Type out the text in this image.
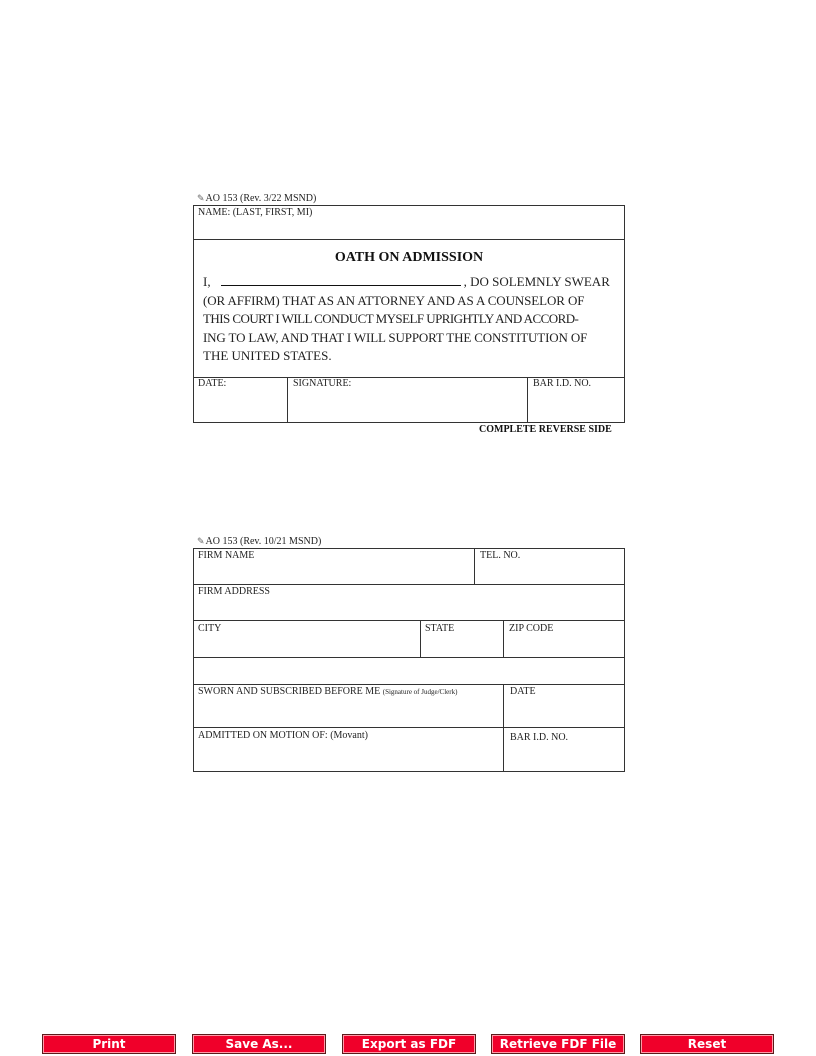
✎AO 153 (Rev. 3/22 MSND)
NAME: (LAST, FIRST, MI)
OATH ON ADMISSION
I,	, DO SOLEMNLY SWEAR
(OR AFFIRM) THAT AS AN ATTORNEY AND AS A COUNSELOR OF
THIS COURT I WILL CONDUCT MYSELF UPRIGHTLY AND ACCORD-
ING TO LAW, AND THAT I WILL SUPPORT THE CONSTITUTION OF
THE UNITED STATES.
DATE:	SIGNATURE:	BAR I.D. NO.
COMPLETE REVERSE SIDE
✎AO 153 (Rev. 10/21 MSND)
FIRM NAME	TEL. NO.
FIRM ADDRESS
CITY	STATE	ZIP CODE
SWORN AND SUBSCRIBED BEFORE ME (Signature of Judge/Clerk)	DATE
ADMITTED ON MOTION OF: (Movant)	BAR I.D. NO.
Print	Save As...	Export as FDF	Retrieve FDF File	Reset
